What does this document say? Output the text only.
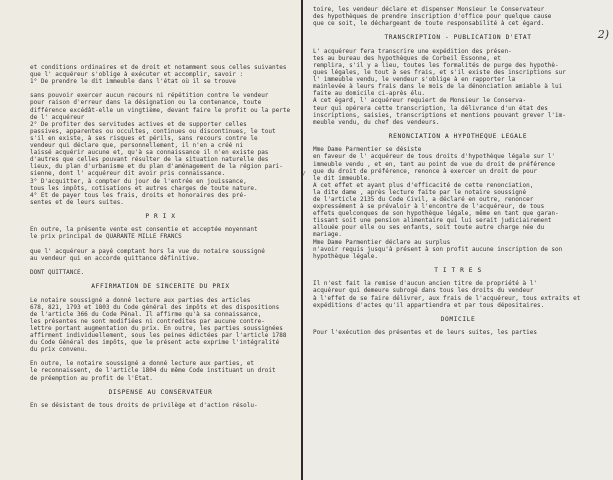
et conditions ordinaires et de droit et notamment sous celles suivantes
que l' acquéreur s'oblige à exécuter et accomplir, savoir :
1° De prendre le dit immeuble dans l'état où il se trouve

sans pouvoir exercer aucun recours ni répétition contre le vendeur
pour raison d'erreur dans la désignation ou la contenance, toute
différence excédât-elle un vingtième, devant faire le profit ou la perte
de l' acquéreur
2° De profiter des servitudes actives et de supporter celles
passives, apparentes ou occultes, continues ou discontinues, le tout
s'il en existe, à ses risques et périls, sans recours contre le
vendeur qui déclare que, personnellement, il n'en a créé ni
laissé acquérir aucune et, qu'à sa connaissance il n'en existe pas
d'autres que celles pouvant résulter de la situation naturelle des
lieux, du plan d'urbanisme et du plan d'aménagement de la région pari-
sienne, dont l' acquéreur dit avoir pris connaissance.
3° D'acquitter, à compter du jour de l'entrée en jouissance,
tous les impôts, cotisations et autres charges de toute nature.
4° Et de payer tous les frais, droits et honoraires des pré-
sentes et de leurs suites.
P R I X
En outre, la présente vente est consentie et acceptée moyennant
le prix principal de QUARANTE MILLE FRANCS

que l' acquéreur a payé comptant hors la vue du notaire soussigné
au vendeur qui en accorde quittance définitive.

DONT QUITTANCE.
AFFIRMATION DE SINCERITE DU PRIX
Le notaire soussigné a donné lecture aux parties des articles
678, 821, 1793 et 1803 du Code général des impôts et des dispositions
de l'article 366 du Code Pénal. Il affirme qu'à sa connaissance,
les présentes ne sont modifiées ni contredites par aucune contre-
lettre portant augmentation du prix. En outre, les parties soussignées
affirment individuellement, sous les peines édictées par l'article 1788
du Code Général des impôts, que le présent acte exprime l'intégralité
du prix convenu.

En outre, le notaire soussigné a donné lecture aux parties, et
le reconnaissent, de l'article 1804 du même Code instituant un droit
de préemption au profit de l'Etat.
DISPENSE AU CONSERVATEUR
En se désistant de tous droits de privilège et d'action résolu-
2)
⁄
toire, les vendeur déclare et dispenser Monsieur le Conservateur
des hypothèques de prendre inscription d'office pour quelque cause
que ce soit, le déchargeant de toute responsabilité à cet égard.
TRANSCRIPTION - PUBLICATION D'ETAT
L' acquéreur fera transcrire une expédition des présen-
tes au bureau des hypothèques de Corbeil Essonne, et
remplira, s'il y a lieu, toutes les formalités de purge des hypothè-
ques légales, le tout à ses frais, et s'il existe des inscriptions sur
l' immeuble vendu, le vendeur s'oblige à en rapporter la
mainlevée à leurs frais dans le mois de la dénonciation amiable à lui
faite au domicile ci-après élu.
A cet égard, l' acquéreur requiert de Monsieur le Conserva-
teur qui opérera cette transcription, la délivrance d'un état des
inscriptions, saisies, transcriptions et mentions pouvant grever l'im-
meuble vendu, du chef des vendeurs.
RENONCIATION A HYPOTHEQUE LEGALE
Mme Dame Parmentier se désiste
en faveur de l' acquéreur de tous droits d'hypothèque légale sur l'
immeuble vendu , et en, tant au point de vue du droit de préférence
que du droit de préférence, renonce à exercer un droit de pour
le dit immeuble.
A cet effet et ayant plus d'efficacité de cette renonciation,
la dite dame , après lecture faite par le notaire soussigné
de l'article 2135 du Code Civil, a déclaré en outre, renoncer
expressément à se prévaloir à l'encontre de l'acquéreur, de tous
effets quelconques de son hypothèque légale, même en tant que garan-
tissant soit une pension alimentaire qui lui serait judiciairement
allouée pour elle ou ses enfants, soit toute autre charge née du
mariage.
Mme Dame Parmentier déclare au surplus
n'avoir requis jusqu'à présent à son profit aucune inscription de son
hypothèque légale.
T I T R E S
Il n'est fait la remise d'aucun ancien titre de propriété à l'
acquéreur qui demeure subrogé dans tous les droits du vendeur
à l'effet de se faire délivrer, aux frais de l'acquéreur, tous extraits et
expéditions d'actes qu'il appartiendra et par tous dépositaires.
DOMICILE
Pour l'exécution des présentes et de leurs suites, les parties
